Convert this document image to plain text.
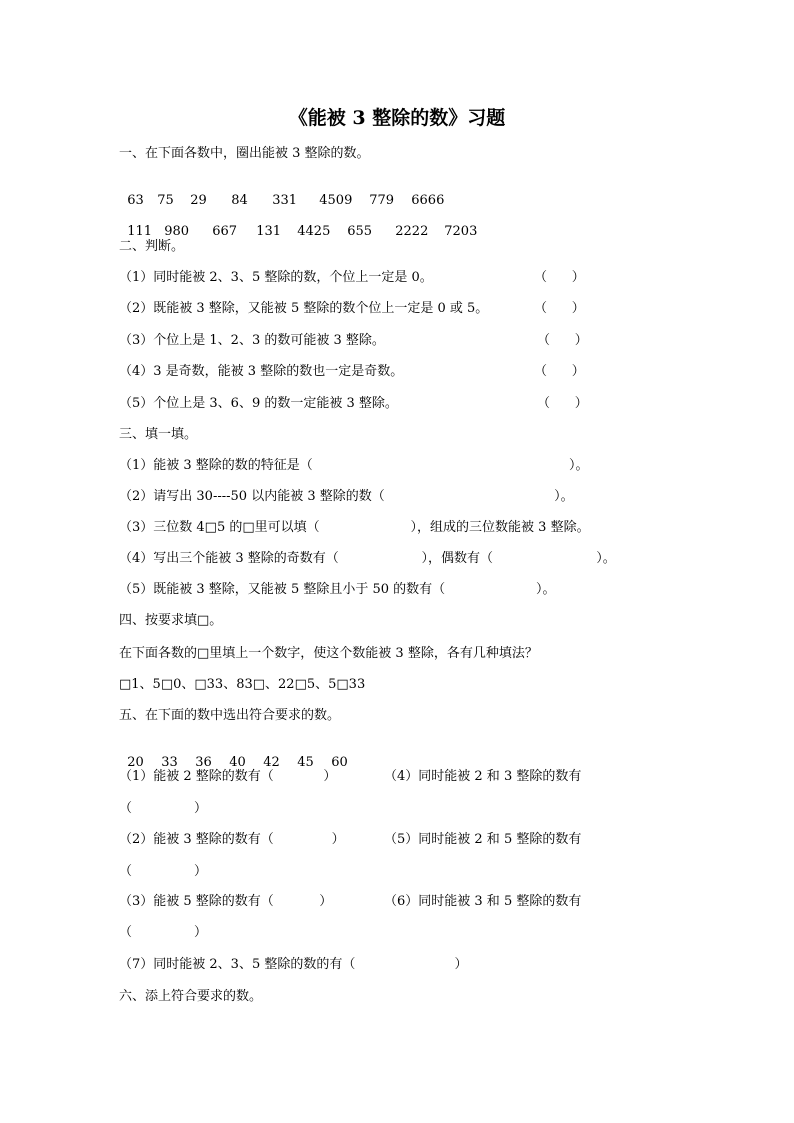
《能被 3 整除的数》习题
一、在下面各数中，圈出能被 3 整除的数。

63 75 29 84 331 4509 779 6666

111 980 667 131 4425 655 2222 7203

二、判断。
（1）同时能被 2、3、5 整除的数，个位上一定是 0。	（      ）
（2）既能被 3 整除，又能被 5 整除的数个位上一定是 0 或 5。	（      ）
（3）个位上是 1、2、3 的数可能被 3 整除。	（      ）
（4）3 是奇数，能被 3 整除的数也一定是奇数。	（      ）
（5）个位上是 3、6、9 的数一定能被 3 整除。	（      ）
三、填一填。
（1）能被 3 整除的数的特征是（                                                              ）。
（2）请写出 30----50 以内能被 3 整除的数（                                         ）。
（3）三位数 4□5 的□里可以填（                      ），组成的三位数能被 3 整除。
（4）写出三个能被 3 整除的奇数有（                    ），偶数有（                         ）。
（5）既能被 3 整除，又能被 5 整除且小于 50 的数有（                      ）。
四、按要求填□。
在下面各数的□里填上一个数字，使这个数能被 3 整除，各有几种填法？
□1、5□0、□33、83□、22□5、5□33
五、在下面的数中选出符合要求的数。

20 33 36 40 42 45 60

（1）能被 2 整除的数有（            ）	（4）同时能被 2 和 3 整除的数有
（               ）
（2）能被 3 整除的数有（              ）	（5）同时能被 2 和 5 整除的数有
（               ）
（3）能被 5 整除的数有（           ）	（6）同时能被 3 和 5 整除的数有
（               ）
（7）同时能被 2、3、5 整除的数的有（                        ）
六、添上符合要求的数。
